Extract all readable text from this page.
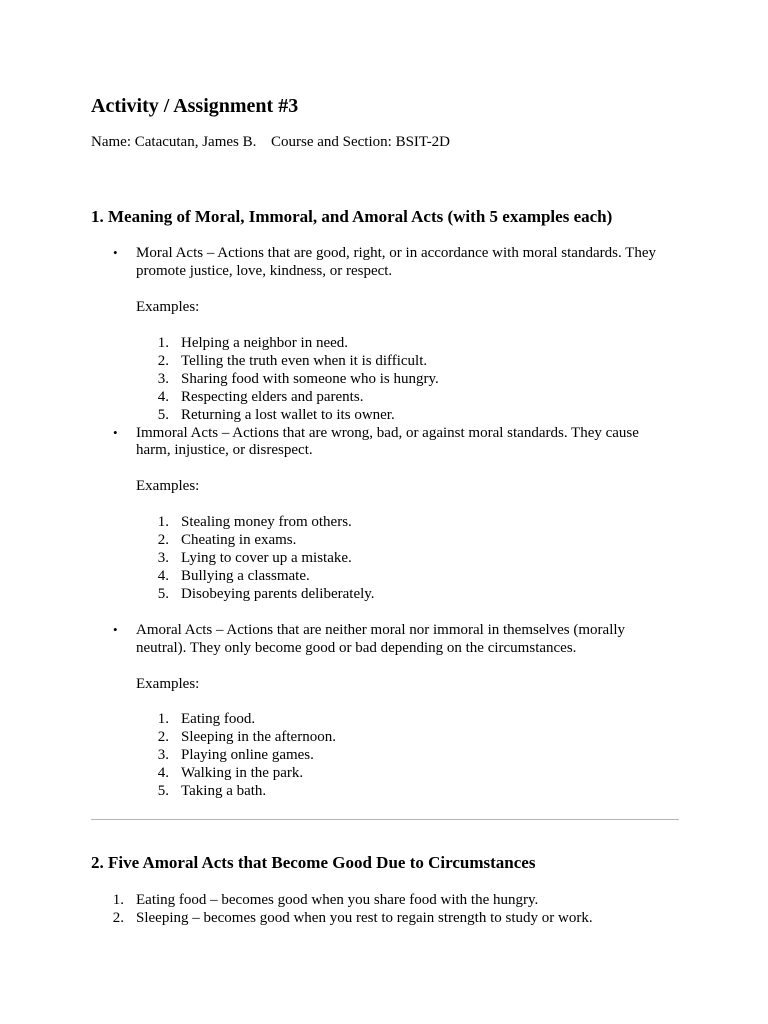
Activity / Assignment #3
Name: Catacutan, James B. Course and Section: BSIT-2D
1. Meaning of Moral, Immoral, and Amoral Acts (with 5 examples each)
• Moral Acts – Actions that are good, right, or in accordance with moral standards. They
promote justice, love, kindness, or respect.
Examples:
1. Helping a neighbor in need.
2. Telling the truth even when it is difficult.
3. Sharing food with someone who is hungry.
4. Respecting elders and parents.
5. Returning a lost wallet to its owner.
• Immoral Acts – Actions that are wrong, bad, or against moral standards. They cause
harm, injustice, or disrespect.
Examples:
1. Stealing money from others.
2. Cheating in exams.
3. Lying to cover up a mistake.
4. Bullying a classmate.
5. Disobeying parents deliberately.
• Amoral Acts – Actions that are neither moral nor immoral in themselves (morally
neutral). They only become good or bad depending on the circumstances.
Examples:
1. Eating food.
2. Sleeping in the afternoon.
3. Playing online games.
4. Walking in the park.
5. Taking a bath.
2. Five Amoral Acts that Become Good Due to Circumstances
1. Eating food – becomes good when you share food with the hungry.
2. Sleeping – becomes good when you rest to regain strength to study or work.
